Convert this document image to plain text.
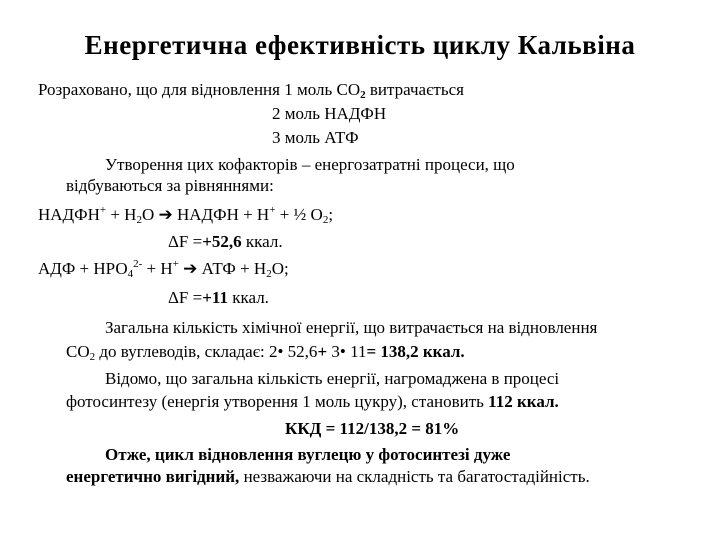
Енергетична ефективність циклу Кальвіна
Розраховано, що для відновлення 1 моль $СО_2$ витрачається
2 моль НАДФН
3 моль АТФ
Утворення цих кофакторів – енергозатратні процеси, що
відбуваються за рівняннями:
НАДФН+ + $Н_2О$ ➔ НАДФН + Н+ + ½ $О_2$;
ΔF =+52,6 ккал.
АДФ + $НРО_4^{2-} + Н^+$ ➔ АТФ + $Н_2О$;
ΔF =+11 ккал.
Загальна кількість хімічної енергії, що витрачається на відновлення
$СО_2$ до вуглеводів, складає: 2• 52,6+ 3• 11= 138,2 ккал.
Відомо, що загальна кількість енергії, нагромаджена в процесі
фотосинтезу (енергія утворення 1 моль цукру), становить 112 ккал.
ККД = 112/138,2 = 81%
Отже, цикл відновлення вуглецю у фотосинтезі дуже
енергетично вигідний, незважаючи на складність та багатостадійність.
